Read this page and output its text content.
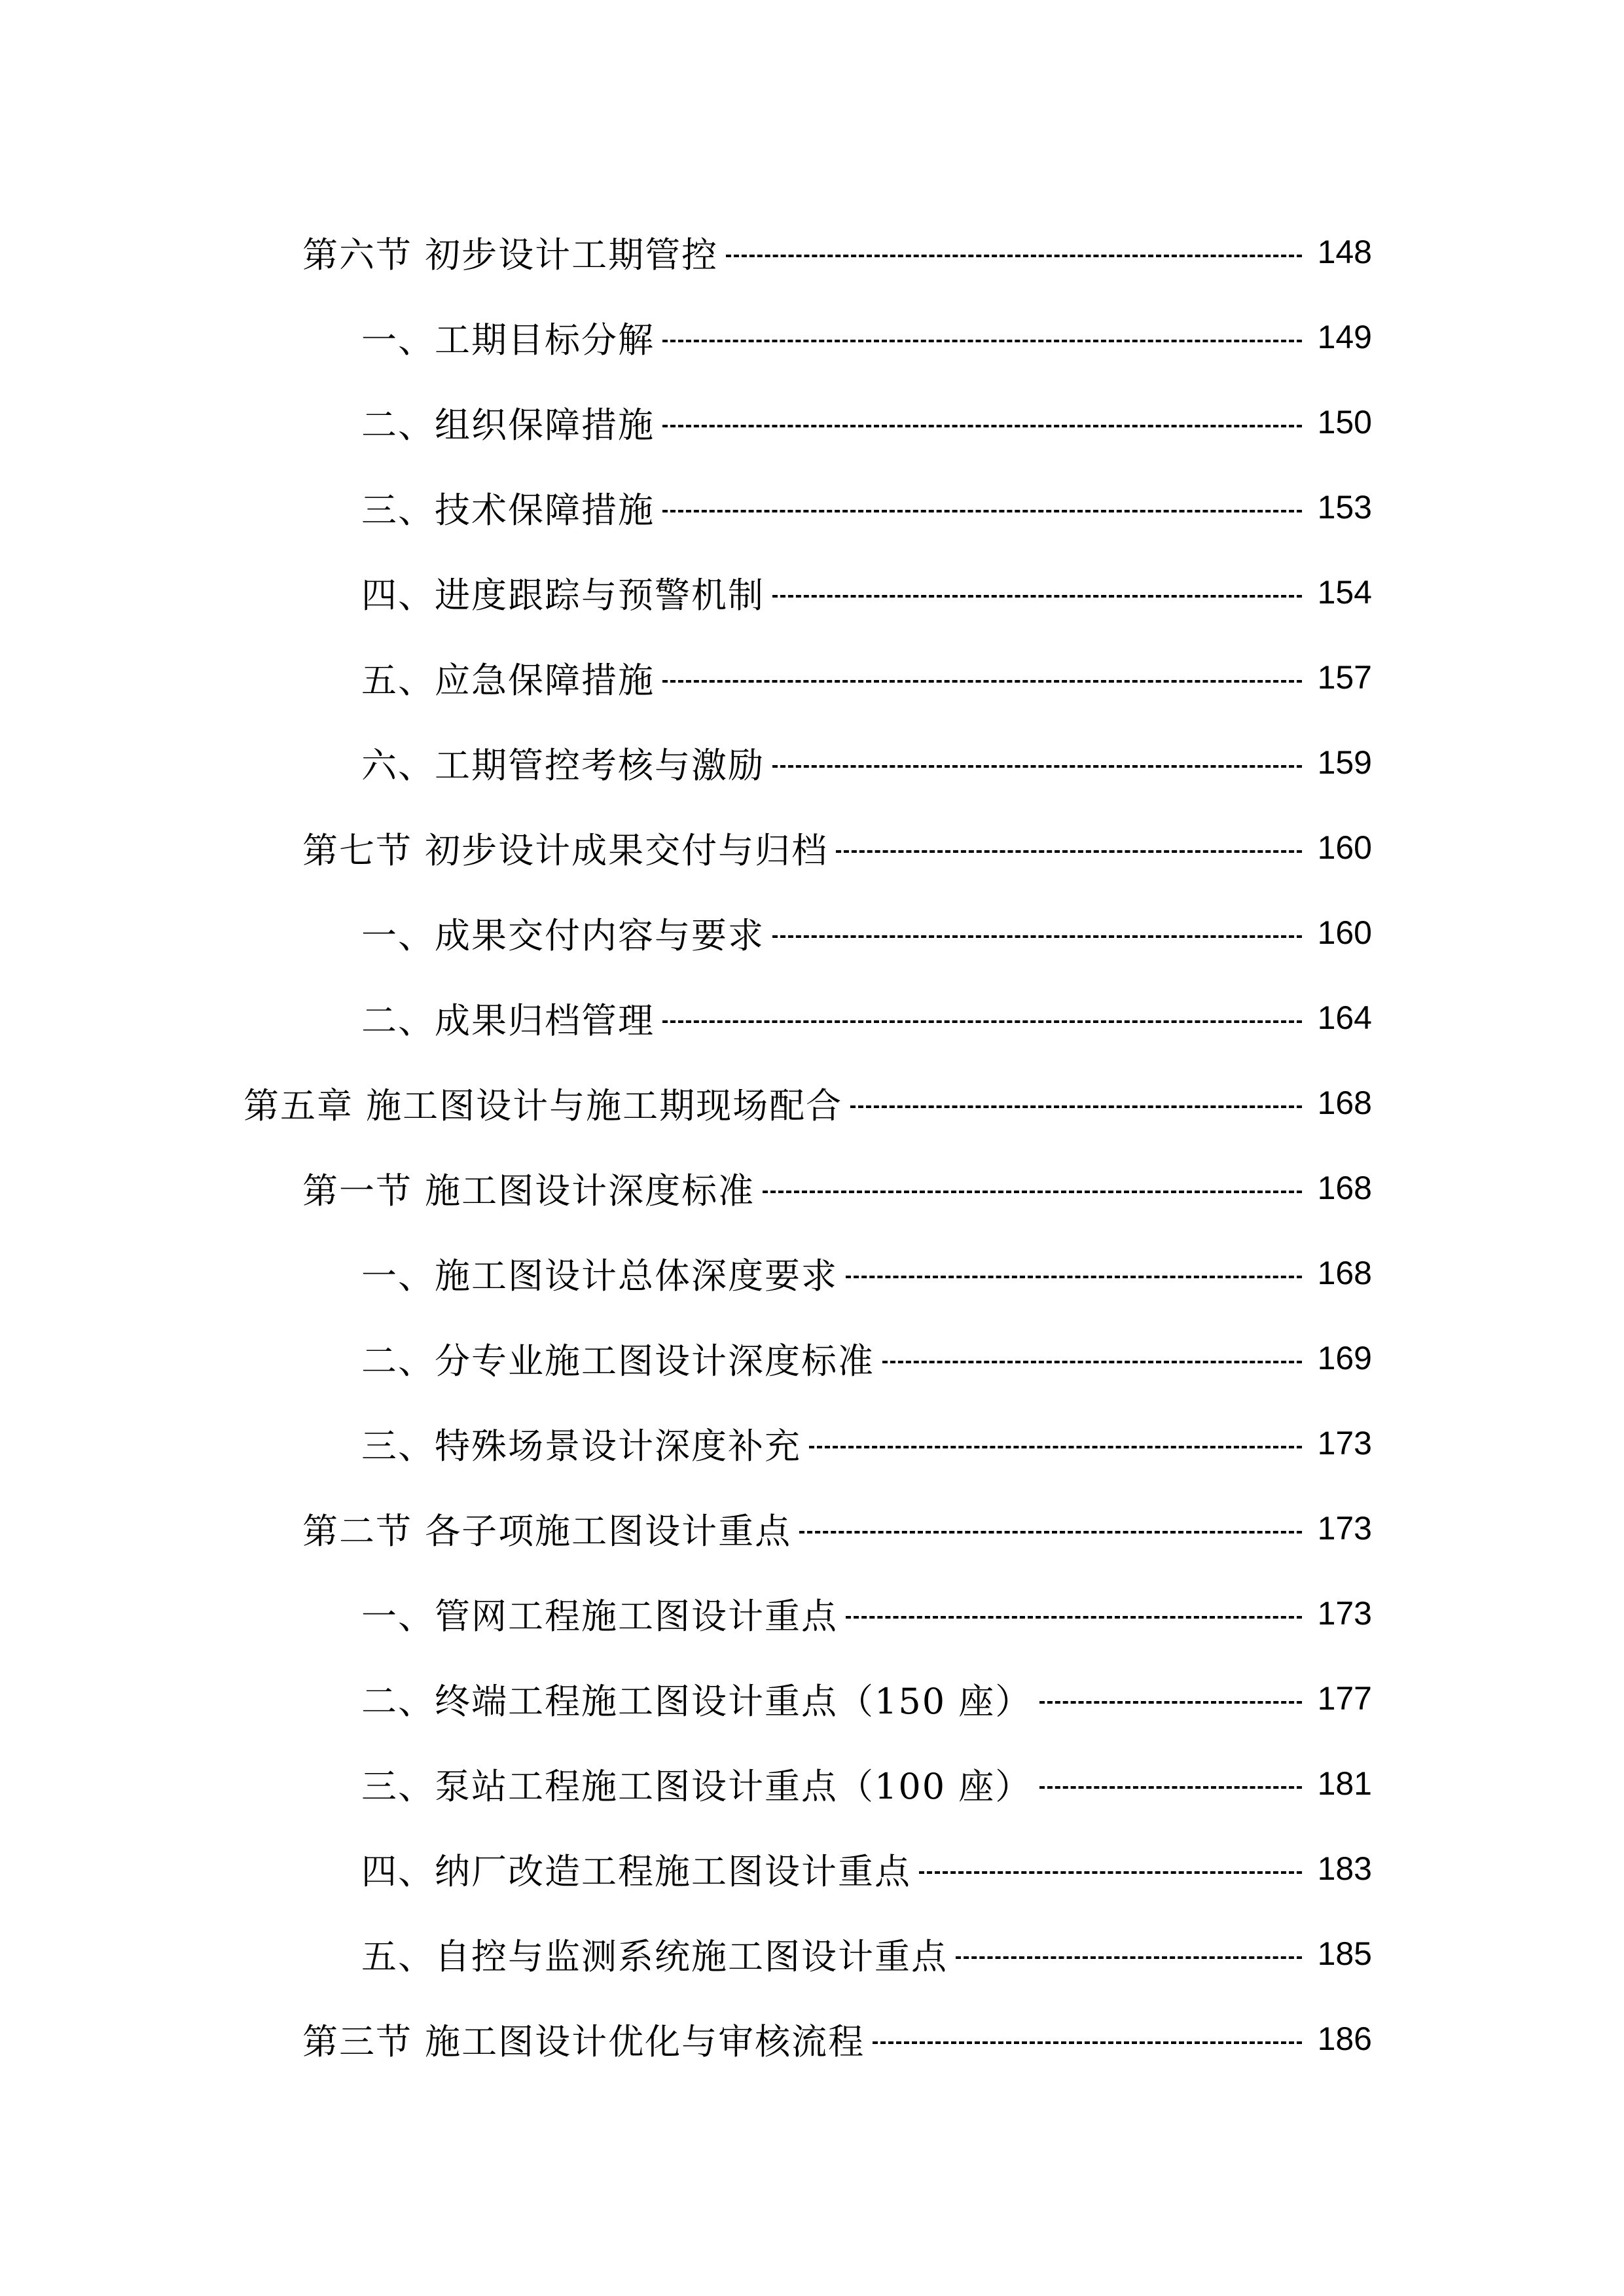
第六节 初步设计工期管控	148
一、工期目标分解	149
二、组织保障措施	150
三、技术保障措施	153
四、进度跟踪与预警机制	154
五、应急保障措施	157
六、工期管控考核与激励	159
第七节 初步设计成果交付与归档	160
一、成果交付内容与要求	160
二、成果归档管理	164
第五章 施工图设计与施工期现场配合	168
第一节 施工图设计深度标准	168
一、施工图设计总体深度要求	168
二、分专业施工图设计深度标准	169
三、特殊场景设计深度补充	173
第二节 各子项施工图设计重点	173
一、管网工程施工图设计重点	173
二、终端工程施工图设计重点（150 座）	177
三、泵站工程施工图设计重点（100 座）	181
四、纳厂改造工程施工图设计重点	183
五、自控与监测系统施工图设计重点	185
第三节 施工图设计优化与审核流程	186
